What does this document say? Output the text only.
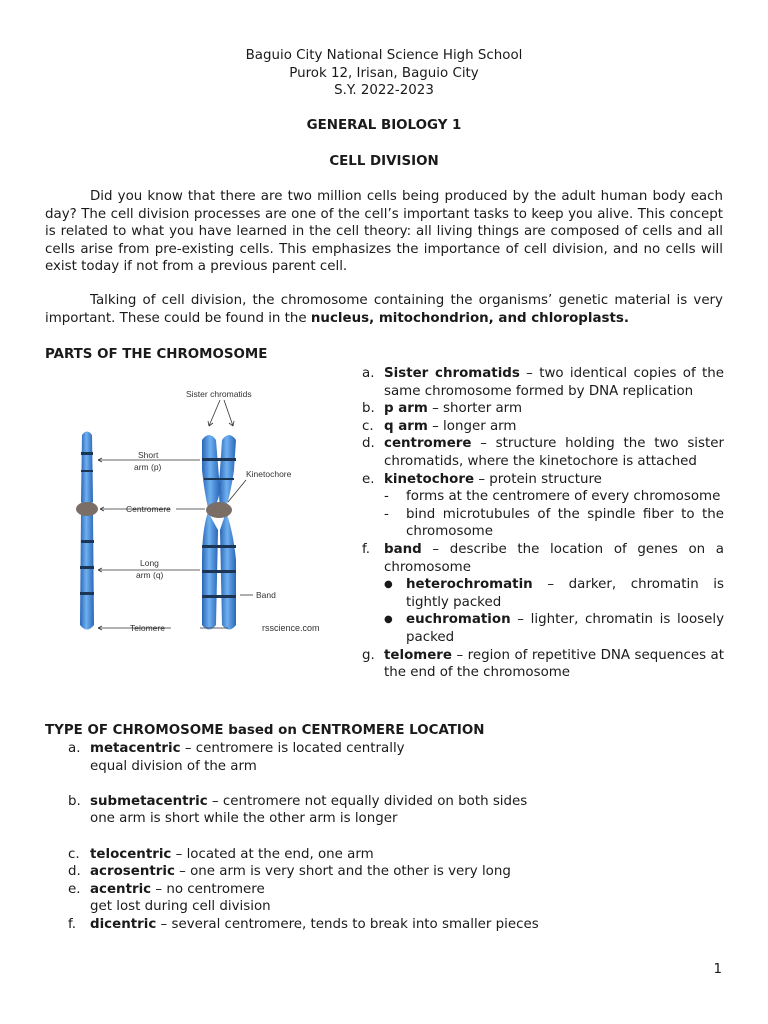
Baguio City National Science High School
Purok 12, Irisan, Baguio City
S.Y. 2022-2023
GENERAL BIOLOGY 1
CELL DIVISION

Did you know that there are two million cells being produced by the adult human body each day? The cell division processes are one of the cell’s important tasks to keep you alive. This concept is related to what you have learned in the cell theory: all living things are composed of cells and all cells arise from pre-existing cells. This emphasizes the importance of cell division, and no cells will exist today if not from a previous parent cell.

Talking of cell division, the chromosome containing the organisms’ genetic material is very important. These could be found in the nucleus, mitochondrion, and chloroplasts.

PARTS OF THE CHROMOSOME
Sister chromatids
Short
arm (p)
Kinetochore
Centromere
Long
arm (q)
Band
Telomere	rsscience.com
a. Sister chromatids – two identical copies of the same chromosome formed by DNA replication
b. p arm – shorter arm
c. q arm – longer arm
d. centromere – structure holding the two sister chromatids, where the kinetochore is attached
e. kinetochore – protein structure
-	forms at the centromere of every chromosome
-	bind microtubules of the spindle fiber to the chromosome
f.	band – describe the location of genes on a chromosome
● heterochromatin – darker, chromatin is tightly packed
● euchromation – lighter, chromatin is loosely packed
g. telomere – region of repetitive DNA sequences at the end of the chromosome
TYPE OF CHROMOSOME based on CENTROMERE LOCATION
a. metacentric – centromere is located centrally
equal division of the arm
b. submetacentric – centromere not equally divided on both sides
one arm is short while the other arm is longer
c. telocentric – located at the end, one arm
d. acrosentric – one arm is very short and the other is very long
e. acentric – no centromere
get lost during cell division
f.	dicentric – several centromere, tends to break into smaller pieces
1
